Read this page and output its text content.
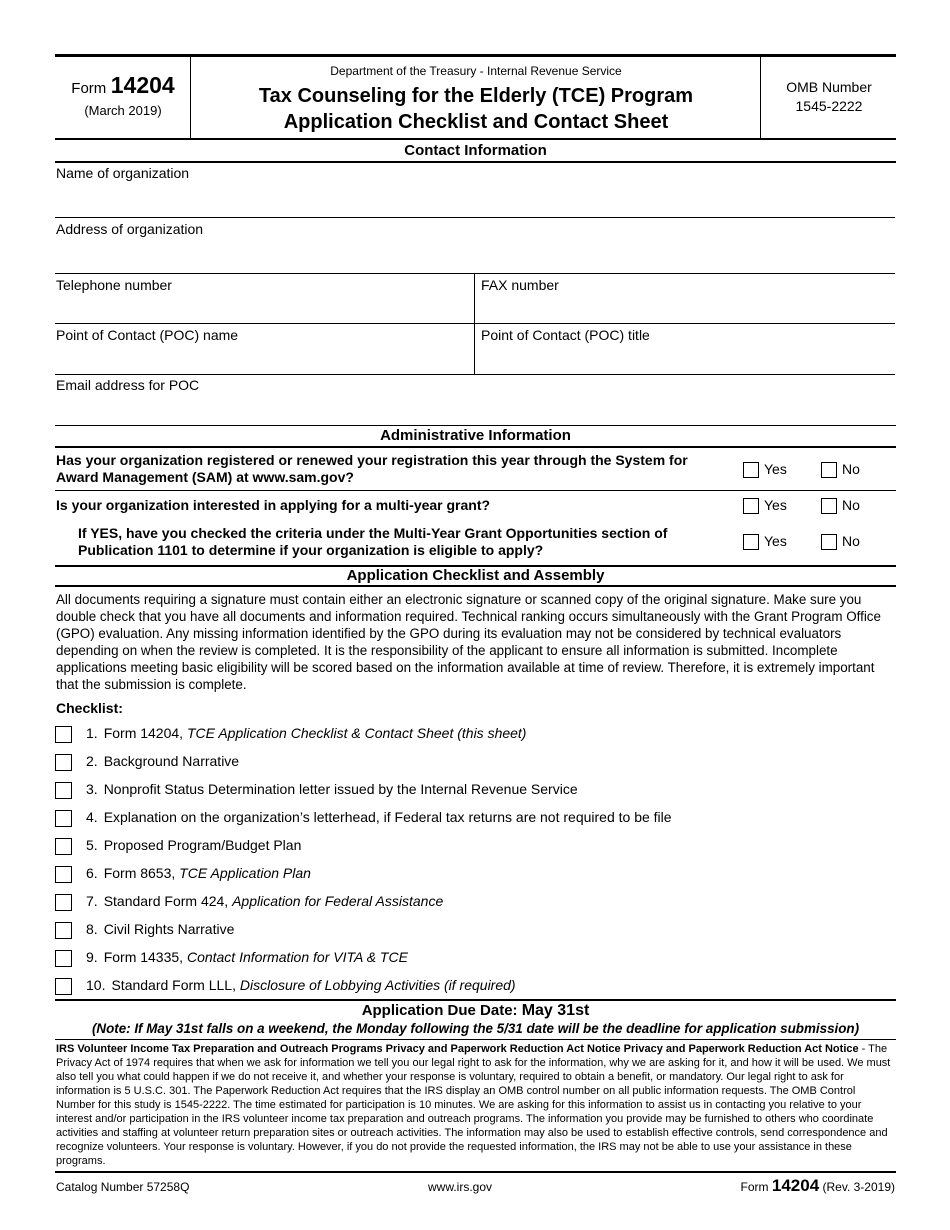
Form 14204
(March 2019)
Department of the Treasury - Internal Revenue Service
Tax Counseling for the Elderly (TCE) Program
Application Checklist and Contact Sheet
OMB Number
1545-2222
Contact Information
Name of organization
Address of organization
Telephone number	FAX number
Point of Contact (POC) name	Point of Contact (POC) title
Email address for POC
Administrative Information
Has your organization registered or renewed your registration this year through the System for
Award Management (SAM) at www.sam.gov?	Yes	No
Is your organization interested in applying for a multi-year grant?	Yes	No
If YES, have you checked the criteria under the Multi-Year Grant Opportunities section of
Publication 1101 to determine if your organization is eligible to apply?
Yes	No
Application Checklist and Assembly
All documents requiring a signature must contain either an electronic signature or scanned copy of the original signature. Make sure you double check that you have all documents and information required. Technical ranking occurs simultaneously with the Grant Program Office (GPO) evaluation. Any missing information identified by the GPO during its evaluation may not be considered by technical evaluators depending on when the review is completed. It is the responsibility of the applicant to ensure all information is submitted. Incomplete applications meeting basic eligibility will be scored based on the information available at time of review. Therefore, it is extremely important that the submission is complete.
Checklist:
1. Form 14204, TCE Application Checklist & Contact Sheet (this sheet)
2. Background Narrative
3. Nonprofit Status Determination letter issued by the Internal Revenue Service
4. Explanation on the organization’s letterhead, if Federal tax returns are not required to be file
5. Proposed Program/Budget Plan
6. Form 8653, TCE Application Plan
7. Standard Form 424, Application for Federal Assistance
8. Civil Rights Narrative
9. Form 14335, Contact Information for VITA & TCE
10. Standard Form LLL, Disclosure of Lobbying Activities (if required)
Application Due Date: May 31st
(Note: If May 31st falls on a weekend, the Monday following the 5/31 date will be the deadline for application submission)
IRS Volunteer Income Tax Preparation and Outreach Programs Privacy and Paperwork Reduction Act Notice Privacy and Paperwork Reduction Act Notice - The Privacy Act of 1974 requires that when we ask for information we tell you our legal right to ask for the information, why we are asking for it, and how it will be used. We must also tell you what could happen if we do not receive it, and whether your response is voluntary, required to obtain a benefit, or mandatory. Our legal right to ask for information is 5 U.S.C. 301. The Paperwork Reduction Act requires that the IRS display an OMB control number on all public information requests. The OMB Control Number for this study is 1545-2222. The time estimated for participation is 10 minutes. We are asking for this information to assist us in contacting you relative to your interest and/or participation in the IRS volunteer income tax preparation and outreach programs. The information you provide may be furnished to others who coordinate activities and staffing at volunteer return preparation sites or outreach activities. The information may also be used to establish effective controls, send correspondence and recognize volunteers. Your response is voluntary. However, if you do not provide the requested information, the IRS may not be able to use your assistance in these programs.
Catalog Number 57258Q	www.irs.gov	Form 14204 (Rev. 3-2019)
